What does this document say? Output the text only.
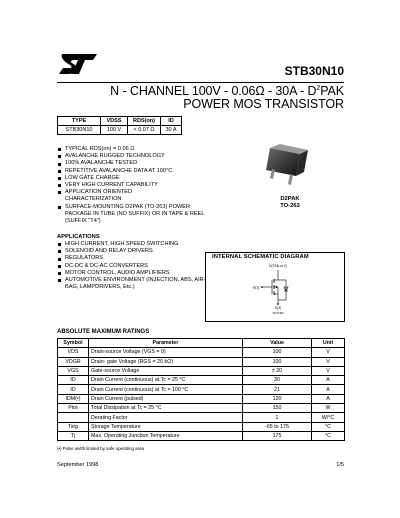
STB30N10
N - CHANNEL $100V - 0.06\Omega - 30A - D^2PAK$
POWER MOS TRANSISTOR
TYPE	VDSS	RDS(on)	ID
STB30N10	100 V	< 0.07 Ω	30 A
TYPICAL RDS(on) = 0.06 Ω
AVALANCHE RUGGED TECHNOLOGY
100% AVALANCHE TESTED
REPETITIVE AVALANCHE DATA AT 100°C
LOW GATE CHARGE
VERY HIGH CURRENT CAPABILITY
APPLICATION ORIENTED CHARACTERIZATION
SURFACE-MOUNTING D2PAK (TO-263) POWER PACKAGE IN TUBE (NO SUFFIX) OR IN TAPE & REEL (SUFFIX "T4")
D2PAK
TO-263
APPLICATIONS
HIGH CURRENT, HIGH SPEED SWITCHING
SOLENOID AND RELAY DRIVERS
REGULATORS
DC-DC & DC-AC CONVERTERS
MOTOR CONTROL, AUDIO AMPLIFIERS
AUTOMOTIVE ENVIRONMENT (INJECTION, ABS, AIR-BAG, LAMPDRIVERS, Etc.)
INTERNAL SCHEMATIC DIAGRAM
D(TAB or 2)
G(1)
S(3)
SC07480
ABSOLUTE MAXIMUM RATINGS
Symbol	Parameter	Value	Unit
VDS	Drain-source Voltage (VGS = 0)	100	V
VDGR	Drain- gate Voltage (RGS = 20 kΩ)	100	V
VGS	Gate-source Voltage	± 20	V
ID	Drain Current (continuous) at Tc = 25 °C	30	A
ID	Drain Current (continuous) at Tc = 100 °C	21	A
IDM(•)	Drain Current (pulsed)	120	A
Ptot	Total Dissipation at Tc = 25 °C	150	W
	Derating Factor	1	W/°C
Tstg	Storage Temperature	-65 to 175	°C
Tj	Max. Operating Junction Temperature	175	°C
(•) Pulse width limited by safe operating area
September 1998	1/5
